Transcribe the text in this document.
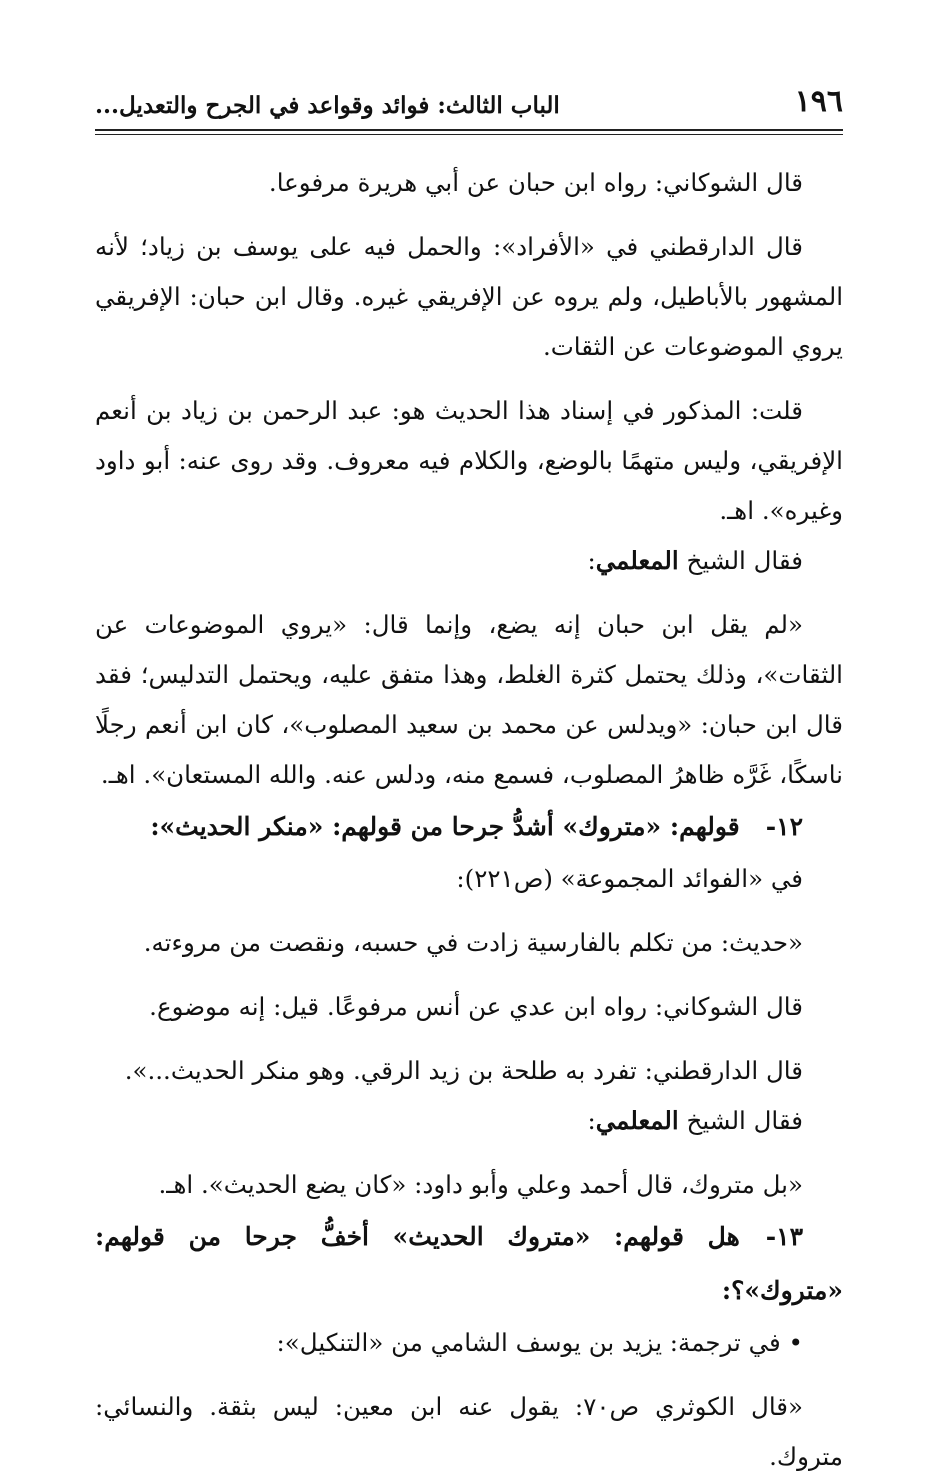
١٩٦
الباب الثالث: فوائد وقواعد في الجرح والتعديل...

قال الشوكاني: رواه ابن حبان عن أبي هريرة مرفوعا.

قال الدارقطني في «الأفراد»: والحمل فيه على يوسف بن زياد؛ لأنه المشهور بالأباطيل، ولم يروه عن الإفريقي غيره. وقال ابن حبان: الإفريقي يروي الموضوعات عن الثقات.

قلت: المذكور في إسناد هذا الحديث هو: عبد الرحمن بن زياد بن أنعم الإفريقي، وليس متهمًا بالوضع، والكلام فيه معروف. وقد روى عنه: أبو داود وغيره». اهـ.

فقال الشيخ المعلمي:

«لم يقل ابن حبان إنه يضع، وإنما قال: «يروي الموضوعات عن الثقات»، وذلك يحتمل كثرة الغلط، وهذا متفق عليه، ويحتمل التدليس؛ فقد قال ابن حبان: «ويدلس عن محمد بن سعيد المصلوب»، كان ابن أنعم رجلًا ناسكًا، غَرَّه ظاهرُ المصلوب، فسمع منه، ودلس عنه. والله المستعان». اهـ.

١٢-قولهم: «متروك» أشدُّ جرحا من قولهم: «منكر الحديث»:

في «الفوائد المجموعة» (ص٢٢١):

«حديث: من تكلم بالفارسية زادت في حسبه، ونقصت من مروءته.

قال الشوكاني: رواه ابن عدي عن أنس مرفوعًا. قيل: إنه موضوع.

قال الدارقطني: تفرد به طلحة بن زيد الرقي. وهو منكر الحديث...».

فقال الشيخ المعلمي:

«بل متروك، قال أحمد وعلي وأبو داود: «كان يضع الحديث». اهـ.

١٣-هل قولهم: «متروك الحديث» أخفُّ جرحا من قولهم: «متروك»؟:

• في ترجمة: يزيد بن يوسف الشامي من «التنكيل»:

«قال الكوثري ص٧٠: يقول عنه ابن معين: ليس بثقة. والنسائي: متروك.
